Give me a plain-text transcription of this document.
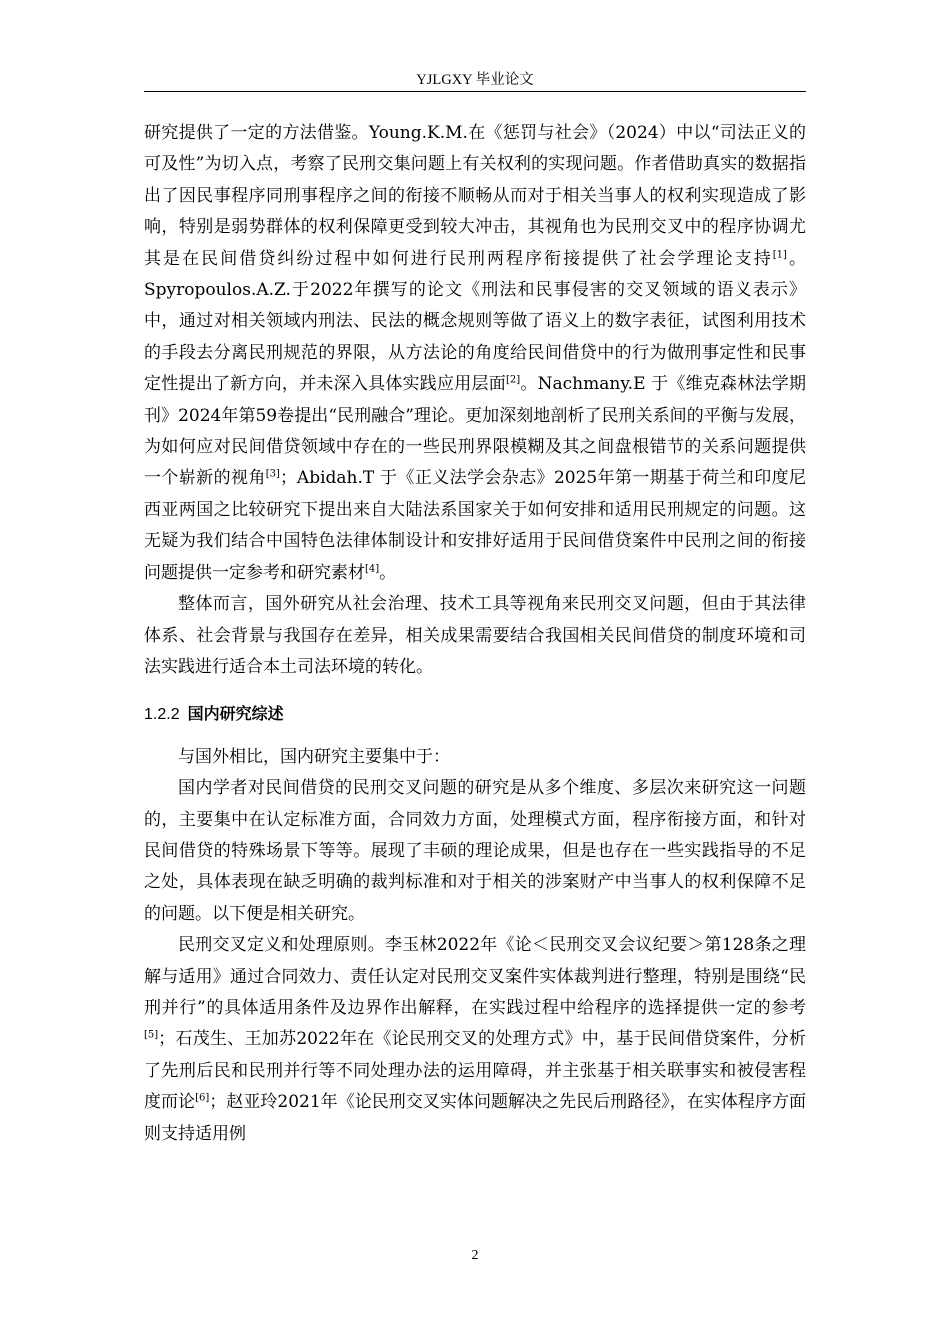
YJLGXY 毕业论文

研究提供了一定的方法借鉴。Young.K.M.在《惩罚与社会》（2024）中以“司法正义的可及性”为切入点，考察了民刑交集问题上有关权利的实现问题。作者借助真实的数据指出了因民事程序同刑事程序之间的衔接不顺畅从而对于相关当事人的权利实现造成了影响，特别是弱势群体的权利保障更受到较大冲击，其视角也为民刑交叉中的程序协调尤其是在民间借贷纠纷过程中如何进行民刑两程序衔接提供了社会学理论支持[1]。Spyropoulos.A.Z.于2022年撰写的论文《刑法和民事侵害的交叉领域的语义表示》中，通过对相关领域内刑法、民法的概念规则等做了语义上的数字表征，试图利用技术的手段去分离民刑规范的界限，从方法论的角度给民间借贷中的行为做刑事定性和民事定性提出了新方向，并未深入具体实践应用层面[2]。Nachmany.E 于《维克森林法学期刊》2024年第59卷提出“民刑融合”理论。更加深刻地剖析了民刑关系间的平衡与发展，为如何应对民间借贷领域中存在的一些民刑界限模糊及其之间盘根错节的关系问题提供一个崭新的视角[3]；Abidah.T 于《正义法学会杂志》2025年第一期基于荷兰和印度尼西亚两国之比较研究下提出来自大陆法系国家关于如何安排和适用民刑规定的问题。这无疑为我们结合中国特色法律体制设计和安排好适用于民间借贷案件中民刑之间的衔接问题提供一定参考和研究素材[4]。

整体而言，国外研究从社会治理、技术工具等视角来民刑交叉问题，但由于其法律体系、社会背景与我国存在差异，相关成果需要结合我国相关民间借贷的制度环境和司法实践进行适合本土司法环境的转化。

1.2.2 国内研究综述

与国外相比，国内研究主要集中于：

国内学者对民间借贷的民刑交叉问题的研究是从多个维度、多层次来研究这一问题的，主要集中在认定标准方面，合同效力方面，处理模式方面，程序衔接方面，和针对民间借贷的特殊场景下等等。展现了丰硕的理论成果，但是也存在一些实践指导的不足之处，具体表现在缺乏明确的裁判标准和对于相关的涉案财产中当事人的权利保障不足的问题。以下便是相关研究。

民刑交叉定义和处理原则。李玉林2022年《论＜民刑交叉会议纪要＞第128条之理解与适用》通过合同效力、责任认定对民刑交叉案件实体裁判进行整理，特别是围绕“民刑并行”的具体适用条件及边界作出解释，在实践过程中给程序的选择提供一定的参考[5]；石茂生、王加苏2022年在《论民刑交叉的处理方式》中，基于民间借贷案件，分析了先刑后民和民刑并行等不同处理办法的运用障碍，并主张基于相关联事实和被侵害程度而论[6]；赵亚玲2021年《论民刑交叉实体问题解决之先民后刑路径》，在实体程序方面则支持适用例

2
